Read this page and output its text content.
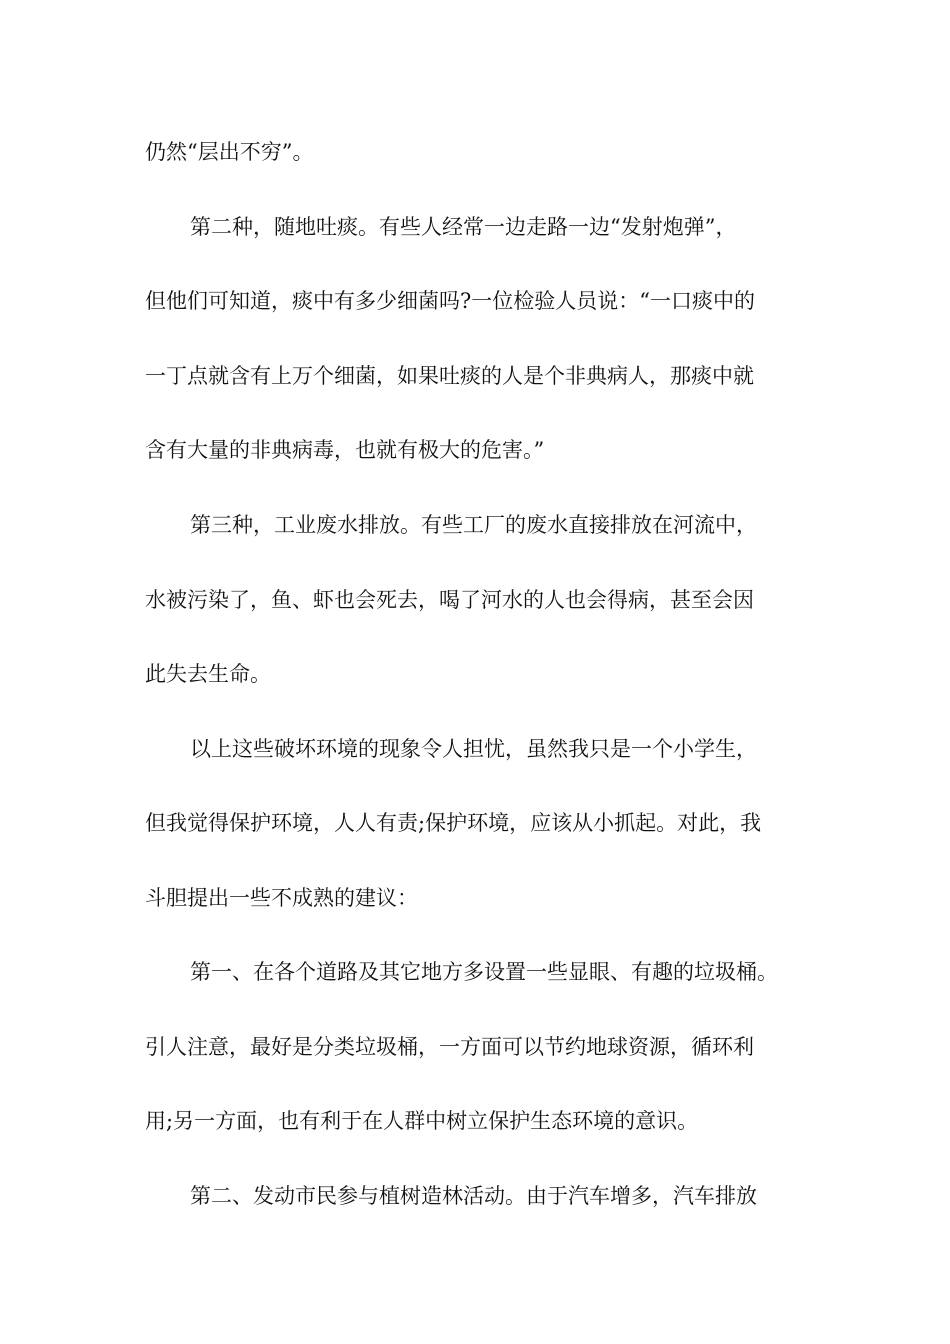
仍然“层出不穷”。

第二种，随地吐痰。有些人经常一边走路一边“发射炮弹”，

但他们可知道，痰中有多少细菌吗?一位检验人员说：“一口痰中的

一丁点就含有上万个细菌，如果吐痰的人是个非典病人，那痰中就

含有大量的非典病毒，也就有极大的危害。”

第三种，工业废水排放。有些工厂的废水直接排放在河流中，

水被污染了，鱼、虾也会死去，喝了河水的人也会得病，甚至会因

此失去生命。

以上这些破坏环境的现象令人担忧，虽然我只是一个小学生，

但我觉得保护环境，人人有责;保护环境，应该从小抓起。对此，我

斗胆提出一些不成熟的建议：

第一、在各个道路及其它地方多设置一些显眼、有趣的垃圾桶。

引人注意，最好是分类垃圾桶，一方面可以节约地球资源，循环利

用;另一方面，也有利于在人群中树立保护生态环境的意识。

第二、发动市民参与植树造林活动。由于汽车增多，汽车排放
